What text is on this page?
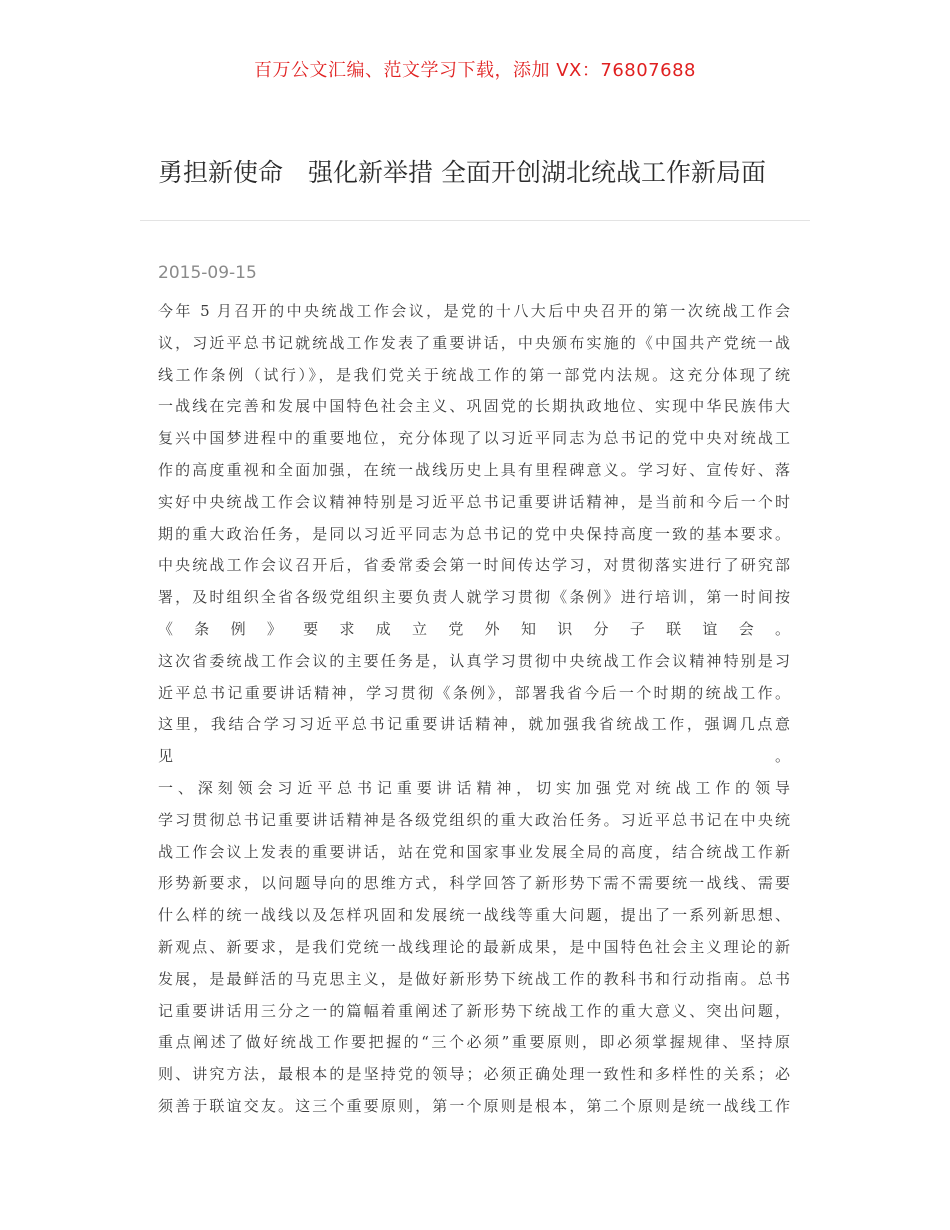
百万公文汇编、范文学习下载，添加 VX：76807688
勇担新使命　强化新举措 全面开创湖北统战工作新局面
2015-09-15
今年 5 月召开的中央统战工作会议，是党的十八大后中央召开的第一次统战工作会
议，习近平总书记就统战工作发表了重要讲话，中央颁布实施的《中国共产党统一战
线工作条例（试行）》，是我们党关于统战工作的第一部党内法规。这充分体现了统
一战线在完善和发展中国特色社会主义、巩固党的长期执政地位、实现中华民族伟大
复兴中国梦进程中的重要地位，充分体现了以习近平同志为总书记的党中央对统战工
作的高度重视和全面加强，在统一战线历史上具有里程碑意义。学习好、宣传好、落
实好中央统战工作会议精神特别是习近平总书记重要讲话精神，是当前和今后一个时
期的重大政治任务，是同以习近平同志为总书记的党中央保持高度一致的基本要求。
中央统战工作会议召开后，省委常委会第一时间传达学习，对贯彻落实进行了研究部
署，及时组织全省各级党组织主要负责人就学习贯彻《条例》进行培训，第一时间按
《 条 例 》 要 求 成 立 党 外 知 识 分 子 联 谊 会 。
这次省委统战工作会议的主要任务是，认真学习贯彻中央统战工作会议精神特别是习
近平总书记重要讲话精神，学习贯彻《条例》，部署我省今后一个时期的统战工作。
这里，我结合学习习近平总书记重要讲话精神，就加强我省统战工作，强调几点意
见　　　　　　　　　　　　　　　　　　　　　　　　　　　　　　　　。
一、深刻领会习近平总书记重要讲话精神，切实加强党对统战工作的领导
学习贯彻总书记重要讲话精神是各级党组织的重大政治任务。习近平总书记在中央统
战工作会议上发表的重要讲话，站在党和国家事业发展全局的高度，结合统战工作新
形势新要求，以问题导向的思维方式，科学回答了新形势下需不需要统一战线、需要
什么样的统一战线以及怎样巩固和发展统一战线等重大问题，提出了一系列新思想、
新观点、新要求，是我们党统一战线理论的最新成果，是中国特色社会主义理论的新
发展，是最鲜活的马克思主义，是做好新形势下统战工作的教科书和行动指南。总书
记重要讲话用三分之一的篇幅着重阐述了新形势下统战工作的重大意义、突出问题，
重点阐述了做好统战工作要把握的“三个必须”重要原则，即必须掌握规律、坚持原
则、讲究方法，最根本的是坚持党的领导；必须正确处理一致性和多样性的关系；必
须善于联谊交友。这三个重要原则，第一个原则是根本，第二个原则是统一战线工作
